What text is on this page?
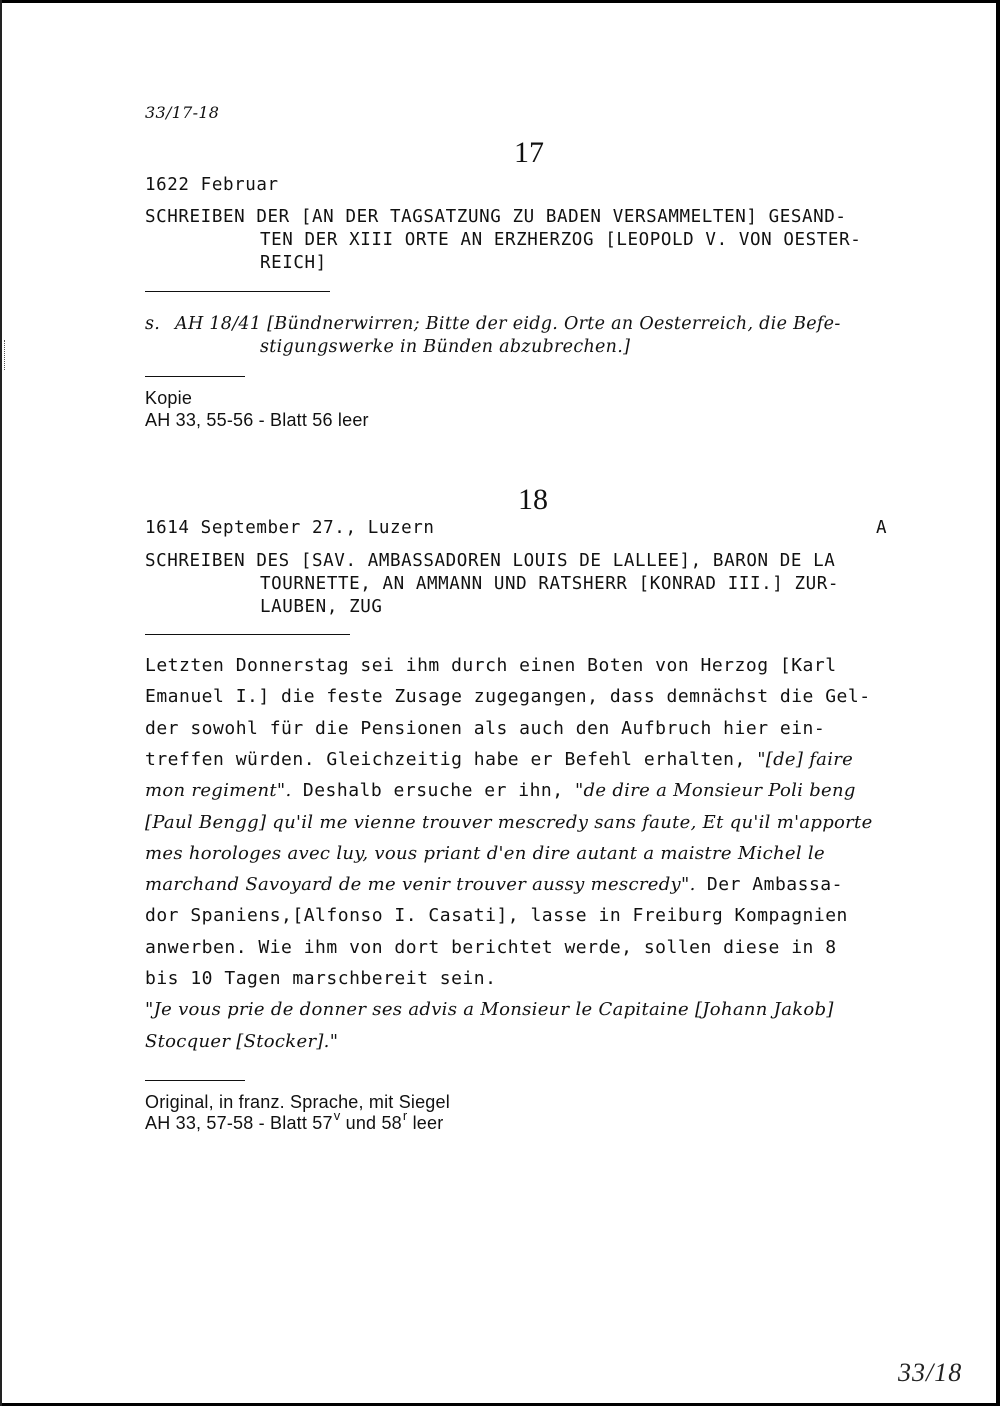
33/17-18
17
1622 Februar
SCHREIBEN DER [AN DER TAGSATZUNG ZU BADEN VERSAMMELTEN] GESAND-
TEN DER XIII ORTE AN ERZHERZOG [LEOPOLD V. VON OESTER-
REICH]
s. AH 18/41 [Bündnerwirren; Bitte der eidg. Orte an Oesterreich, die Befe-
stigungswerke in Bünden abzubrechen.]
Kopie
AH 33, 55-56 - Blatt 56 leer
18
1614 September 27., Luzern	A
SCHREIBEN DES [SAV. AMBASSADOREN LOUIS DE LALLEE], BARON DE LA
TOURNETTE, AN AMMANN UND RATSHERR [KONRAD III.] ZUR-
LAUBEN, ZUG
Letzten Donnerstag sei ihm durch einen Boten von Herzog [Karl
Emanuel I.] die feste Zusage zugegangen, dass demnächst die Gel-
der sowohl für die Pensionen als auch den Aufbruch hier ein-
treffen würden. Gleichzeitig habe er Befehl erhalten, "[de] faire
mon regiment". Deshalb ersuche er ihn, "de dire a Monsieur Poli beng
[Paul Bengg] qu'il me vienne trouver mescredy sans faute, Et qu'il m'apporte
mes horologes avec luy, vous priant d'en dire autant a maistre Michel le
marchand Savoyard de me venir trouver aussy mescredy". Der Ambassa-
dor Spaniens,[Alfonso I. Casati], lasse in Freiburg Kompagnien
anwerben. Wie ihm von dort berichtet werde, sollen diese in 8
bis 10 Tagen marschbereit sein.
"Je vous prie de donner ses advis a Monsieur le Capitaine [Johann Jakob]
Stocquer [Stocker]."
Original, in franz. Sprache, mit Siegel
AH 33, 57-58 - Blatt 57$^v$ und 58$^r$ leer
33/18
